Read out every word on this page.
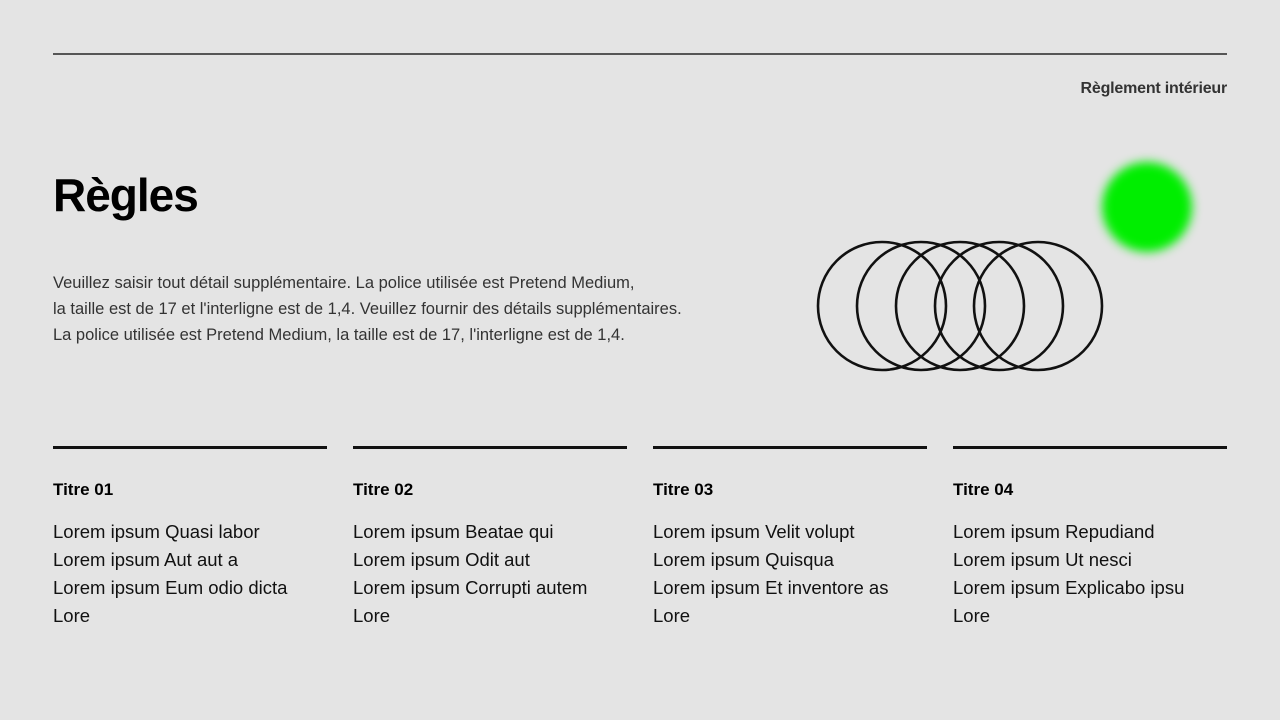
Règlement intérieur
Règles
Veuillez saisir tout détail supplémentaire. La police utilisée est Pretend Medium,
la taille est de 17 et l'interligne est de 1,4. Veuillez fournir des détails supplémentaires.
La police utilisée est Pretend Medium, la taille est de 17, l'interligne est de 1,4.
Titre 01
Lorem ipsum Quasi labor
Lorem ipsum Aut aut a
Lorem ipsum Eum odio dicta
Lore
Titre 02
Lorem ipsum Beatae qui
Lorem ipsum Odit aut
Lorem ipsum Corrupti autem
Lore
Titre 03
Lorem ipsum Velit volupt
Lorem ipsum Quisqua
Lorem ipsum Et inventore as
Lore
Titre 04
Lorem ipsum Repudiand
Lorem ipsum Ut nesci
Lorem ipsum Explicabo ipsu
Lore
